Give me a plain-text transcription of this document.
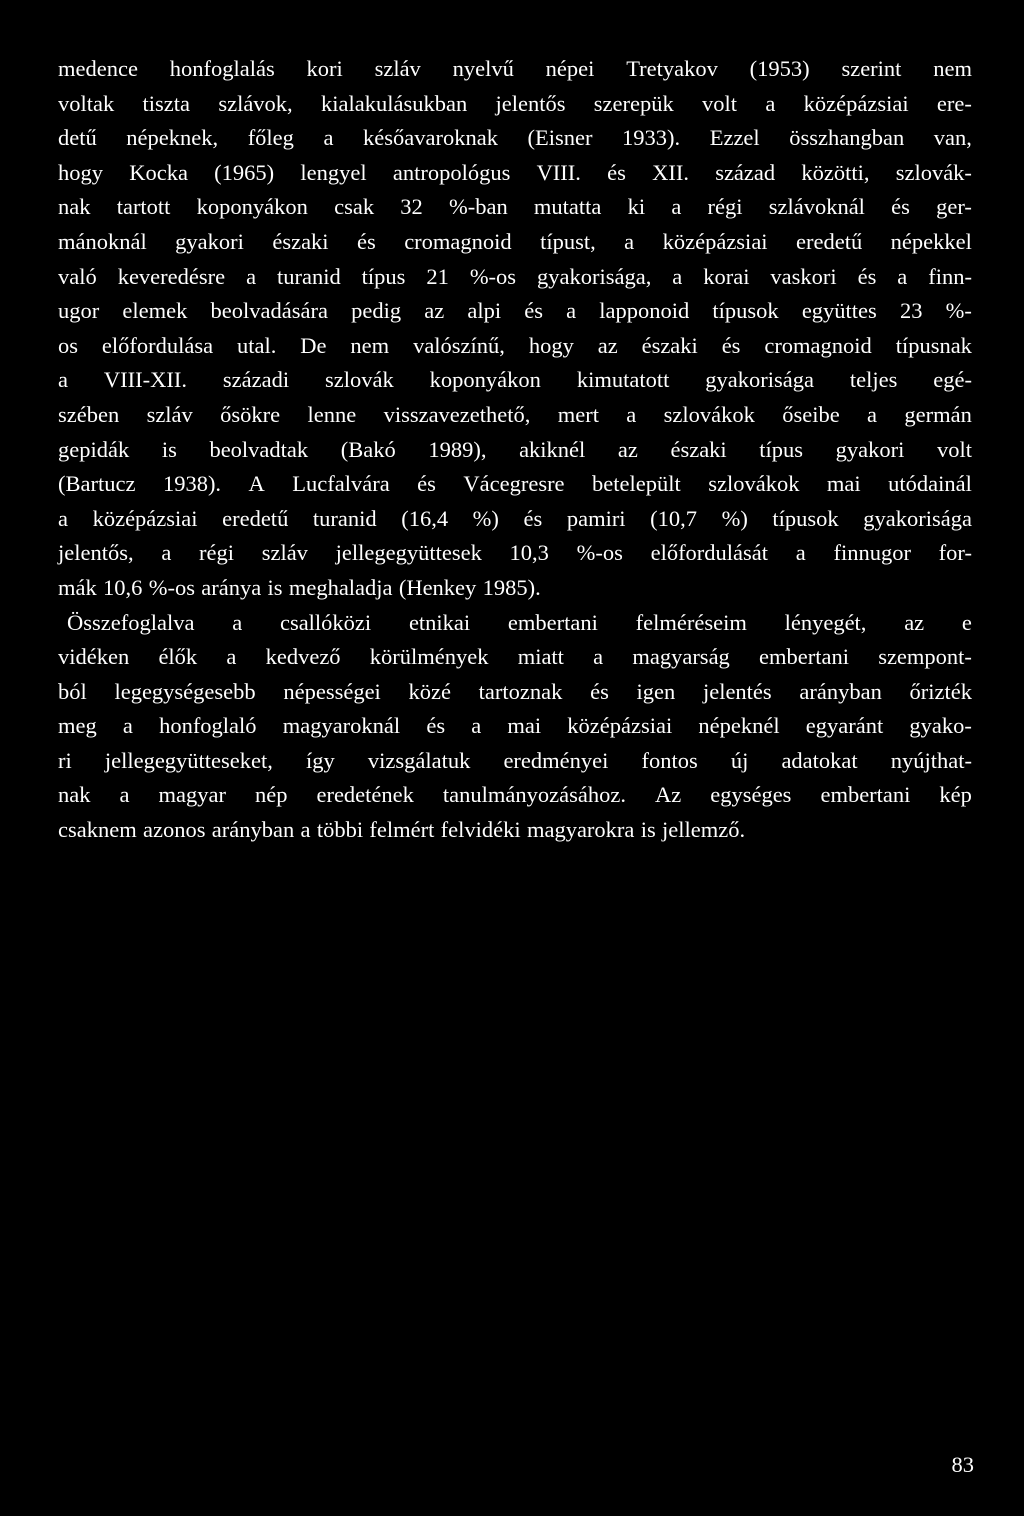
medence honfoglalás kori szláv nyelvű népei Tretyakov (1953) szerint nem
voltak tiszta szlávok, kialakulásukban jelentős szerepük volt a középázsiai ere-
detű népeknek, főleg a későavaroknak (Eisner 1933). Ezzel összhangban van,
hogy Kocka (1965) lengyel antropológus VIII. és XII. század közötti, szlovák-
nak tartott koponyákon csak 32 %-ban mutatta ki a régi szlávoknál és ger-
mánoknál gyakori északi és cromagnoid típust, a középázsiai eredetű népekkel
való keveredésre a turanid típus 21 %-os gyakorisága, a korai vaskori és a finn-
ugor elemek beolvadására pedig az alpi és a lapponoid típusok együttes 23 %-
os előfordulása utal. De nem valószínű, hogy az északi és cromagnoid típusnak
a VIII-XII. századi szlovák koponyákon kimutatott gyakorisága teljes egé-
szében szláv ősökre lenne visszavezethető, mert a szlovákok őseibe a germán
gepidák is beolvadtak (Bakó 1989), akiknél az északi típus gyakori volt
(Bartucz 1938). A Lucfalvára és Vácegresre betelepült szlovákok mai utódainál
a középázsiai eredetű turanid (16,4 %) és pamiri (10,7 %) típusok gyakorisága
jelentős, a régi szláv jellegegyüttesek 10,3 %-os előfordulását a finnugor for-
mák 10,6 %-os aránya is meghaladja (Henkey 1985).
Összefoglalva a csallóközi etnikai embertani felméréseim lényegét, az e
vidéken élők a kedvező körülmények miatt a magyarság embertani szempont-
ból legegységesebb népességei közé tartoznak és igen jelentés arányban őrizték
meg a honfoglaló magyaroknál és a mai középázsiai népeknél egyaránt gyako-
ri jellegegyütteseket, így vizsgálatuk eredményei fontos új adatokat nyújthat-
nak a magyar nép eredetének tanulmányozásához. Az egységes embertani kép
csaknem azonos arányban a többi felmért felvidéki magyarokra is jellemző.
83
